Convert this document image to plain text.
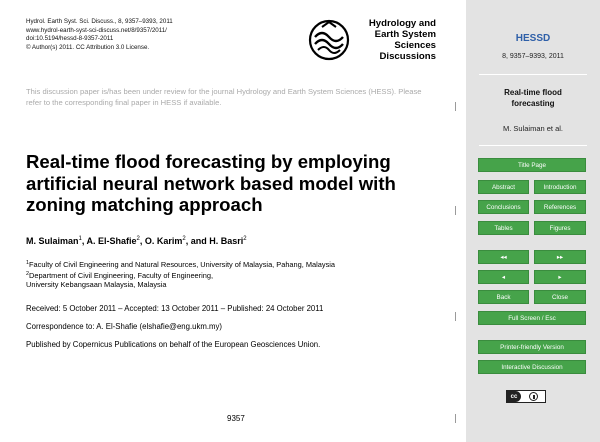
Hydrol. Earth Syst. Sci. Discuss., 8, 9357–9393, 2011
www.hydrol-earth-syst-sci-discuss.net/8/9357/2011/
doi:10.5194/hessd-8-9357-2011
© Author(s) 2011. CC Attribution 3.0 License.
Hydrology and
Earth System
Sciences
Discussions
This discussion paper is/has been under review for the journal Hydrology and Earth System Sciences (HESS). Please refer to the corresponding final paper in HESS if available.
Real-time flood forecasting by employing artificial neural network based model with zoning matching approach
M. Sulaiman$^1$, A. El-Shafie$^2$, O. Karim$^2$, and H. Basri$^2$
$^1$Faculty of Civil Engineering and Natural Resources, University of Malaysia, Pahang, Malaysia
$^2$Department of Civil Engineering, Faculty of Engineering,
University Kebangsaan Malaysia, Malaysia
Received: 5 October 2011 – Accepted: 13 October 2011 – Published: 24 October 2011
Correspondence to: A. El-Shafie (elshafie@eng.ukm.my)
Published by Copernicus Publications on behalf of the European Geosciences Union.
9357
HESSD
8, 9357–9393, 2011
Real-time flood
forecasting
M. Sulaiman et al.
Title Page
Abstract	Introduction
Conclusions	References
Tables	Figures
◂◂	▸▸
◂	▸
Back	Close
Full Screen / Esc
Printer-friendly Version
Interactive Discussion
cc
